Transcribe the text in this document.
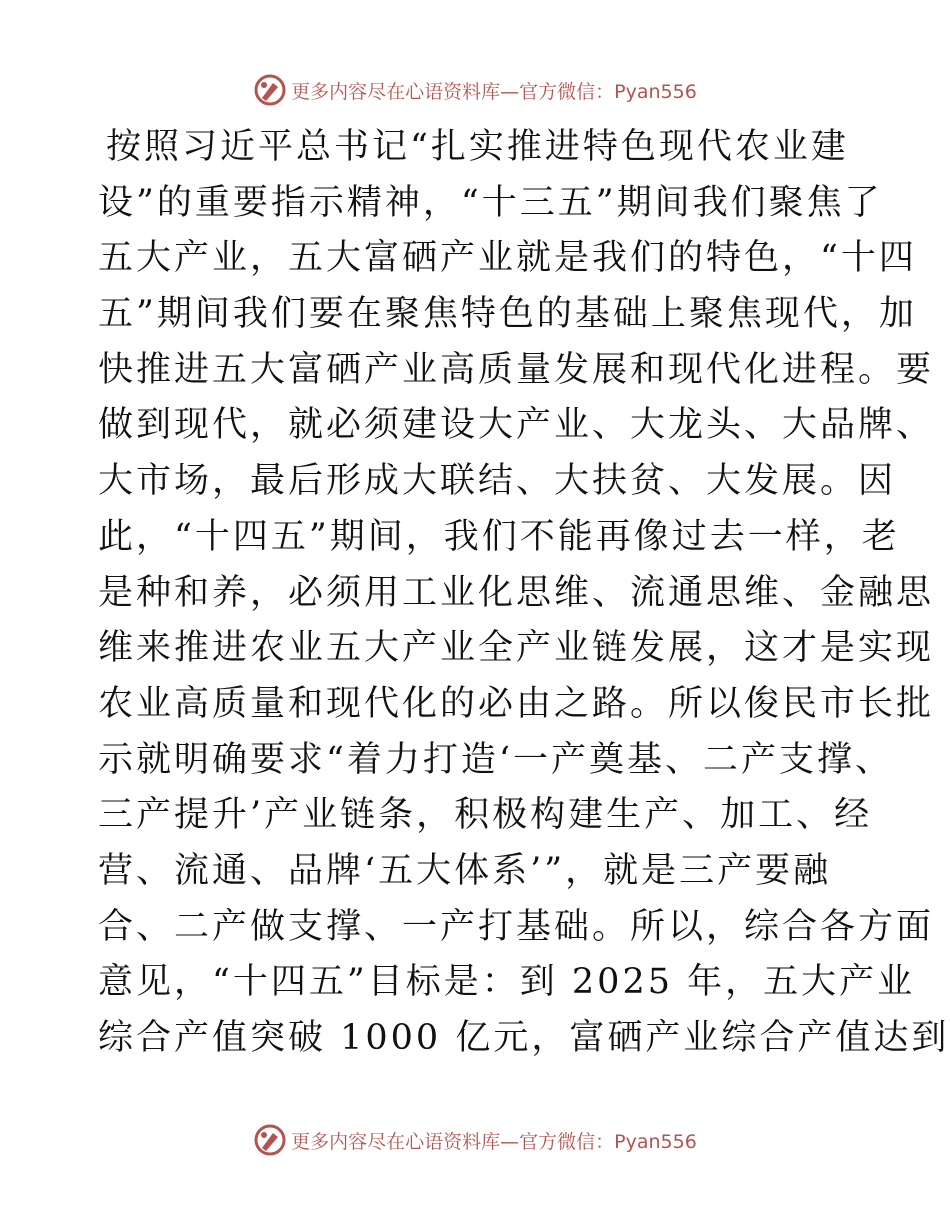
更多内容尽在心语资料库—官方微信：Pyan556
按照习近平总书记“扎实推进特色现代农业建
设”的重要指示精神，“十三五”期间我们聚焦了
五大产业，五大富硒产业就是我们的特色，“十四
五”期间我们要在聚焦特色的基础上聚焦现代，加
快推进五大富硒产业高质量发展和现代化进程。要
做到现代，就必须建设大产业、大龙头、大品牌、
大市场，最后形成大联结、大扶贫、大发展。因
此，“十四五”期间，我们不能再像过去一样，老
是种和养，必须用工业化思维、流通思维、金融思
维来推进农业五大产业全产业链发展，这才是实现
农业高质量和现代化的必由之路。所以俊民市长批
示就明确要求“着力打造‘一产奠基、二产支撑、
三产提升’产业链条，积极构建生产、加工、经
营、流通、品牌‘五大体系’”，就是三产要融
合、二产做支撑、一产打基础。所以，综合各方面
意见，“十四五”目标是：到 2025 年，五大产业
综合产值突破 1000 亿元，富硒产业综合产值达到
更多内容尽在心语资料库—官方微信：Pyan556
